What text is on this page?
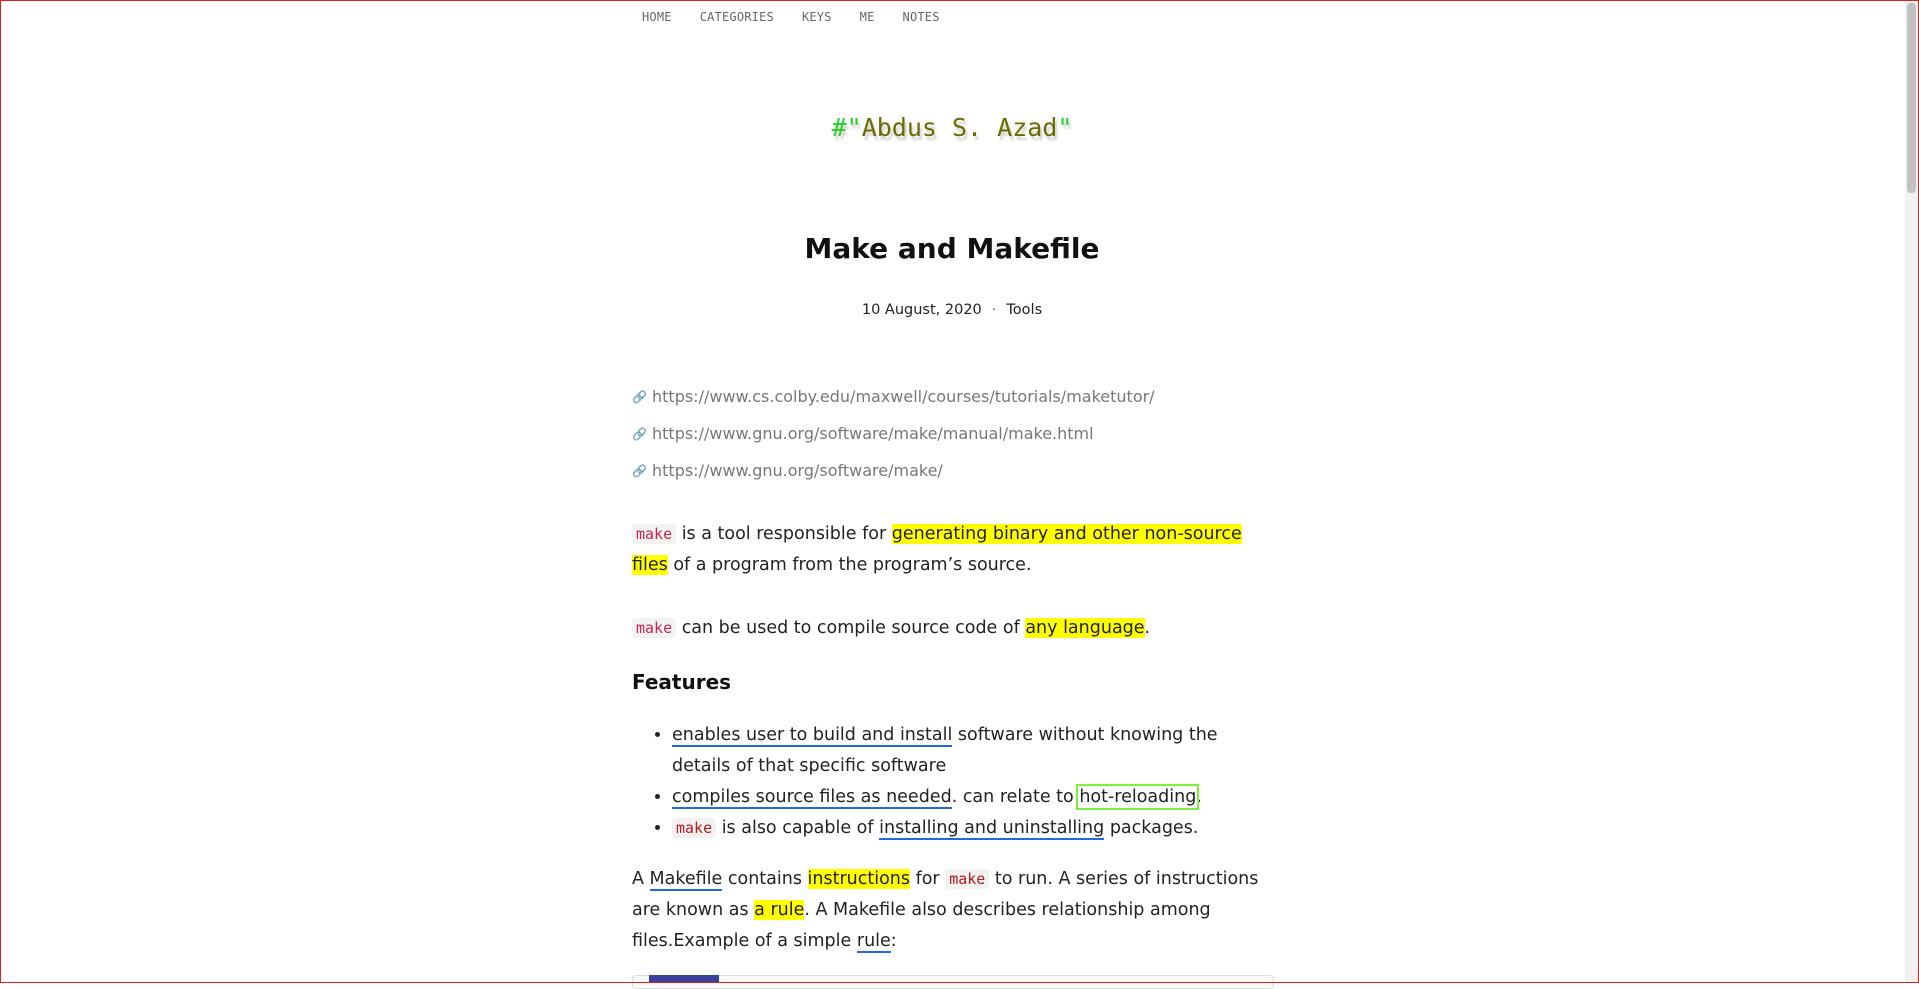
HOME CATEGORIES KEYS ME NOTES
#"Abdus S. Azad"
Make and Makefile
10 August, 2020 · Tools
🔗 https://www.cs.colby.edu/maxwell/courses/tutorials/maketutor/
🔗 https://www.gnu.org/software/make/manual/make.html
🔗 https://www.gnu.org/software/make/

make is a tool responsible for generating binary and other non-source files of a program from the program’s source.

make can be used to compile source code of any language.

Features
• enables user to build and install software without knowing the details of that specific software
• compiles source files as needed. can relate to hot-reloading.
• make is also capable of installing and uninstalling packages.

A Makefile contains instructions for make to run. A series of instructions are known as a rule. A Makefile also describes relationship among files.Example of a simple rule:
